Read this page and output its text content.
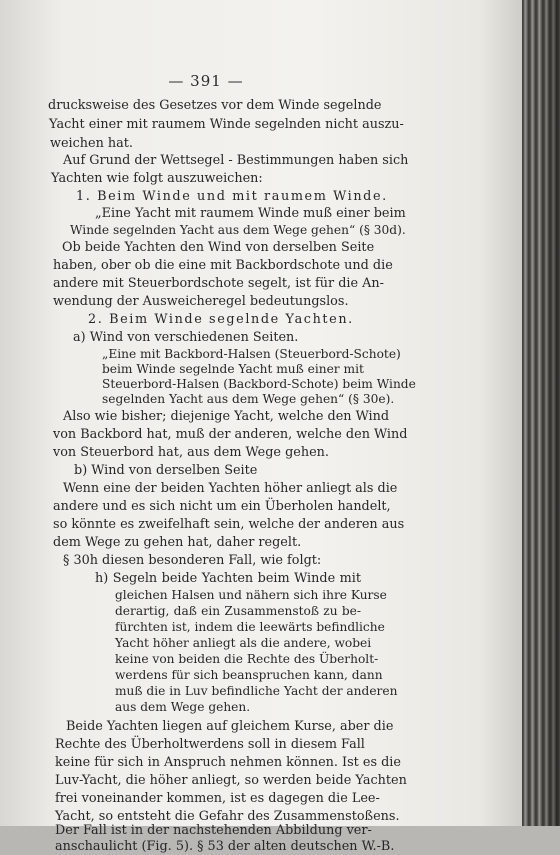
— 391 —
drucksweise des Gesetzes vor dem Winde segelnde
Yacht einer mit raumem Winde segelnden nicht auszu-
weichen hat.
Auf Grund der Wettsegel - Bestimmungen haben sich
Yachten wie folgt auszuweichen:
1. Beim Winde und mit raumem Winde.
„Eine Yacht mit raumem Winde muß einer beim
Winde segelnden Yacht aus dem Wege gehen“ (§ 30d).
Ob beide Yachten den Wind von derselben Seite
haben, ober ob die eine mit Backbordschote und die
andere mit Steuerbordschote segelt, ist für die An-
wendung der Ausweicheregel bedeutungslos.
2. Beim Winde segelnde Yachten.
a) Wind von verschiedenen Seiten.
„Eine mit Backbord-Halsen (Steuerbord-Schote)
beim Winde segelnde Yacht muß einer mit
Steuerbord-Halsen (Backbord-Schote) beim Winde
segelnden Yacht aus dem Wege gehen“ (§ 30e).
Also wie bisher; diejenige Yacht, welche den Wind
von Backbord hat, muß der anderen, welche den Wind
von Steuerbord hat, aus dem Wege gehen.
b) Wind von derselben Seite
Wenn eine der beiden Yachten höher anliegt als die
andere und es sich nicht um ein Überholen handelt,
so könnte es zweifelhaft sein, welche der anderen aus
dem Wege zu gehen hat, daher regelt.
§ 30h diesen besonderen Fall, wie folgt:
h) Segeln beide Yachten beim Winde mit
gleichen Halsen und nähern sich ihre Kurse
derartig, daß ein Zusammenstoß zu be-
fürchten ist, indem die leewärts befindliche
Yacht höher anliegt als die andere, wobei
keine von beiden die Rechte des Überholt-
werdens für sich beanspruchen kann, dann
muß die in Luv befindliche Yacht der anderen
aus dem Wege gehen.
Beide Yachten liegen auf gleichem Kurse, aber die
Rechte des Überholtwerdens soll in diesem Fall
keine für sich in Anspruch nehmen können. Ist es die
Luv-Yacht, die höher anliegt, so werden beide Yachten
frei voneinander kommen, ist es dagegen die Lee-
Yacht, so entsteht die Gefahr des Zusammenstoßens.
Der Fall ist in der nachstehenden Abbildung ver-
anschaulicht (Fig. 5). § 53 der alten deutschen W.-B.
